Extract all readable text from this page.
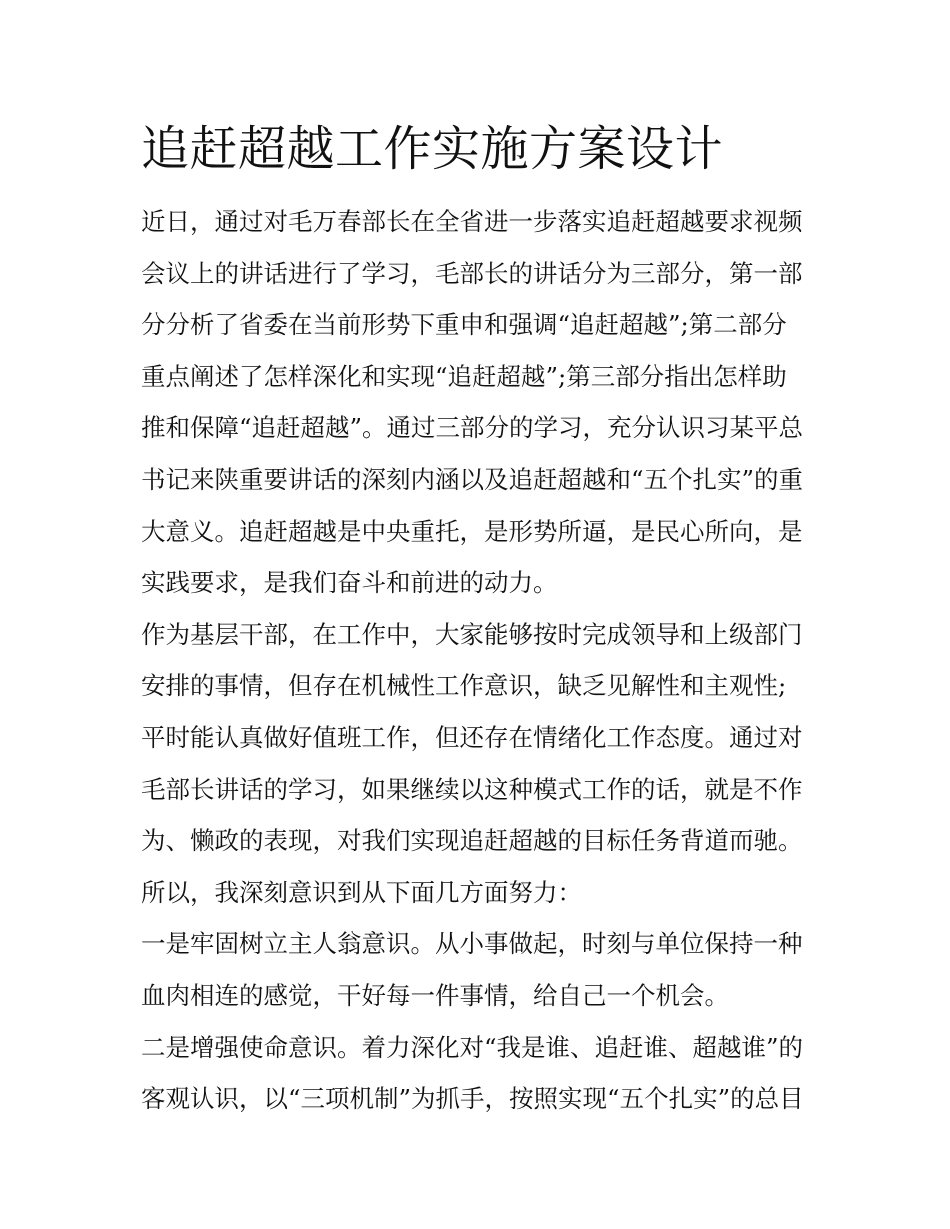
追赶超越工作实施方案设计
近日，通过对毛万春部长在全省进一步落实追赶超越要求视频
会议上的讲话进行了学习，毛部长的讲话分为三部分，第一部
分分析了省委在当前形势下重申和强调“追赶超越”;第二部分
重点阐述了怎样深化和实现“追赶超越”;第三部分指出怎样助
推和保障“追赶超越”。通过三部分的学习，充分认识习某平总
书记来陕重要讲话的深刻内涵以及追赶超越和“五个扎实”的重
大意义。追赶超越是中央重托，是形势所逼，是民心所向，是
实践要求，是我们奋斗和前进的动力。
作为基层干部，在工作中，大家能够按时完成领导和上级部门
安排的事情，但存在机械性工作意识，缺乏见解性和主观性;
平时能认真做好值班工作，但还存在情绪化工作态度。通过对
毛部长讲话的学习，如果继续以这种模式工作的话，就是不作
为、懒政的表现，对我们实现追赶超越的目标任务背道而驰。
所以，我深刻意识到从下面几方面努力：
一是牢固树立主人翁意识。从小事做起，时刻与单位保持一种
血肉相连的感觉，干好每一件事情，给自己一个机会。
二是增强使命意识。着力深化对“我是谁、追赶谁、超越谁”的
客观认识，以“三项机制”为抓手，按照实现“五个扎实”的总目
